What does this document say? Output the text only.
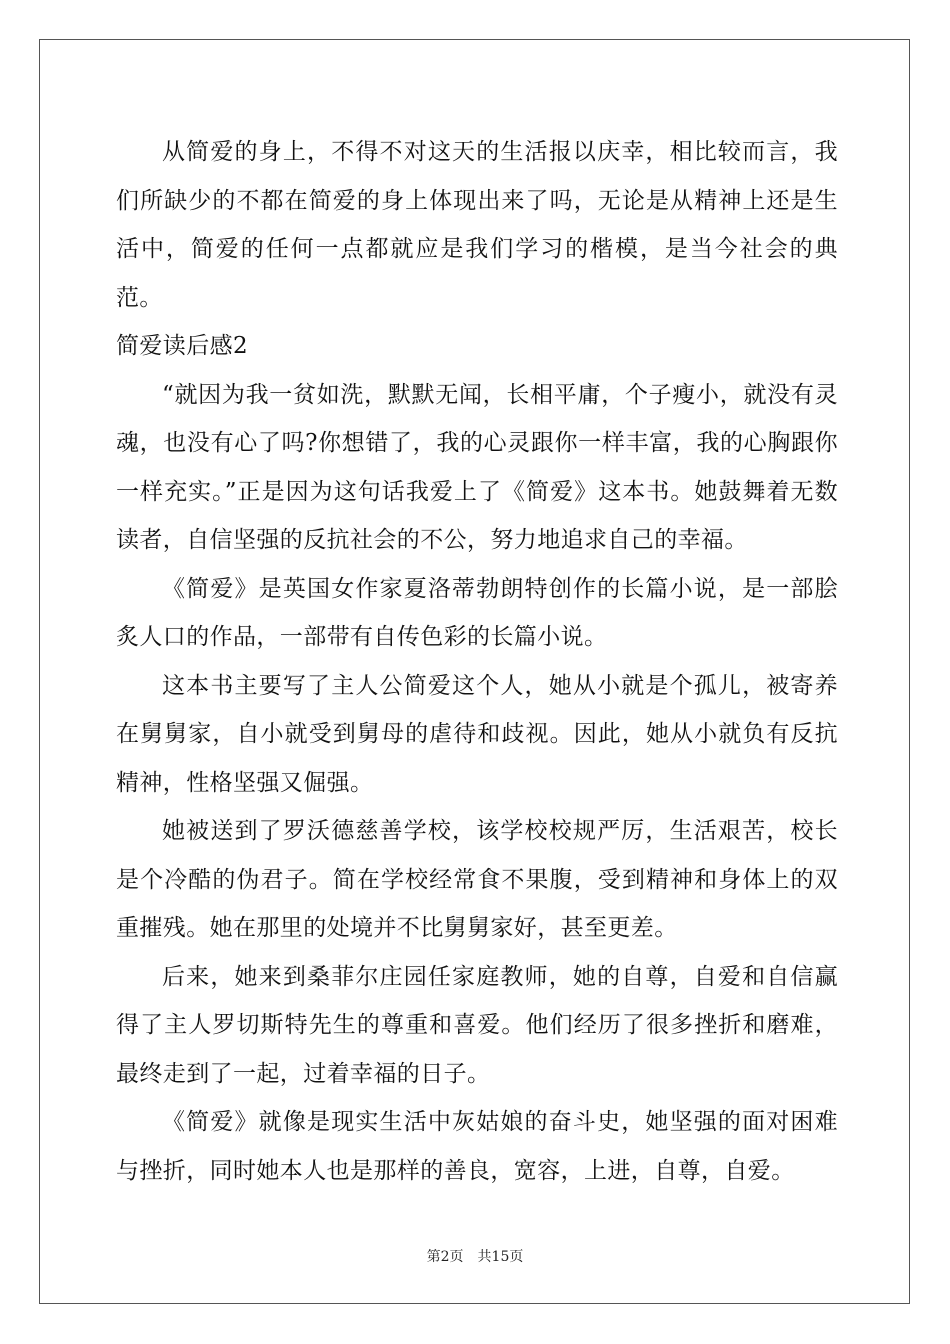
从简爱的身上，不得不对这天的生活报以庆幸，相比较而言，我们所缺少的不都在简爱的身上体现出来了吗，无论是从精神上还是生活中，简爱的任何一点都就应是我们学习的楷模，是当今社会的典范。

简爱读后感2

“就因为我一贫如洗，默默无闻，长相平庸，个子瘦小，就没有灵魂，也没有心了吗?你想错了，我的心灵跟你一样丰富，我的心胸跟你一样充实。”正是因为这句话我爱上了《简爱》这本书。她鼓舞着无数读者，自信坚强的反抗社会的不公，努力地追求自己的幸福。

《简爱》是英国女作家夏洛蒂勃朗特创作的长篇小说，是一部脍炙人口的作品，一部带有自传色彩的长篇小说。

这本书主要写了主人公简爱这个人，她从小就是个孤儿，被寄养在舅舅家，自小就受到舅母的虐待和歧视。因此，她从小就负有反抗精神，性格坚强又倔强。

她被送到了罗沃德慈善学校，该学校校规严厉，生活艰苦，校长是个冷酷的伪君子。简在学校经常食不果腹，受到精神和身体上的双重摧残。她在那里的处境并不比舅舅家好，甚至更差。

后来，她来到桑菲尔庄园任家庭教师，她的自尊，自爱和自信赢得了主人罗切斯特先生的尊重和喜爱。他们经历了很多挫折和磨难，最终走到了一起，过着幸福的日子。

《简爱》就像是现实生活中灰姑娘的奋斗史，她坚强的面对困难与挫折，同时她本人也是那样的善良，宽容，上进，自尊，自爱。

第2页 共15页
